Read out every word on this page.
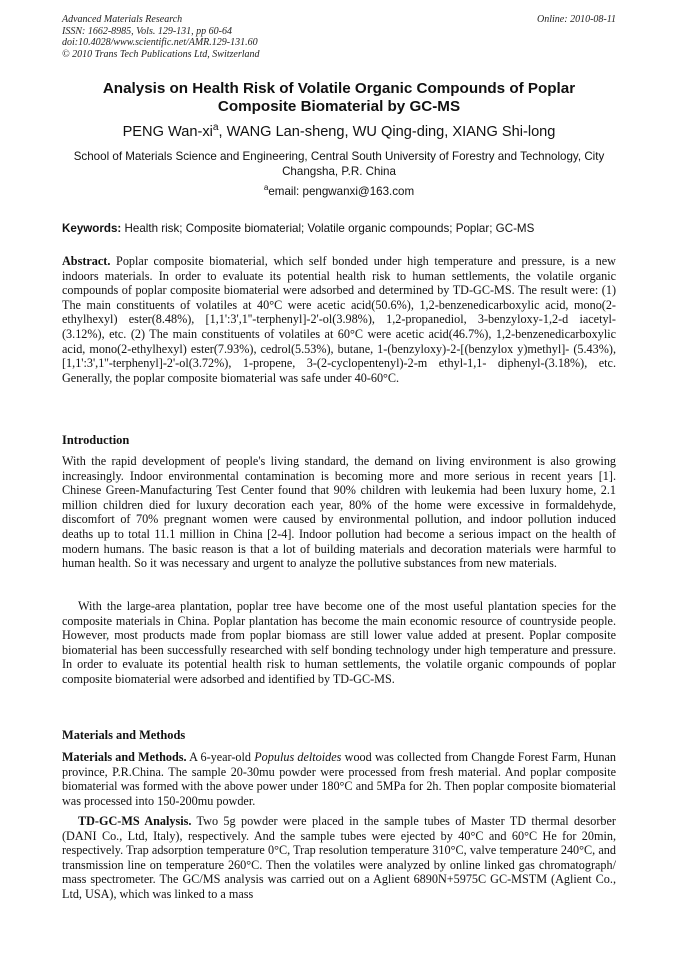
Advanced Materials Research
ISSN: 1662-8985, Vols. 129-131, pp 60-64
doi:10.4028/www.scientific.net/AMR.129-131.60
© 2010 Trans Tech Publications Ltd, Switzerland
Online: 2010-08-11
Analysis on Health Risk of Volatile Organic Compounds of Poplar Composite Biomaterial by GC-MS
PENG Wan-$xi^a$, WANG Lan-sheng, WU Qing-ding, XIANG Shi-long
School of Materials Science and Engineering, Central South University of Forestry and Technology, City Changsha, P.R. China
$^a$email: pengwanxi@163.com
Keywords: Health risk; Composite biomaterial; Volatile organic compounds; Poplar; GC-MS
Abstract. Poplar composite biomaterial, which self bonded under high temperature and pressure, is a new indoors materials. In order to evaluate its potential health risk to human settlements, the volatile organic compounds of poplar composite biomaterial were adsorbed and determined by TD-GC-MS. The result were: (1) The main constituents of volatiles at 40°C were acetic acid(50.6%), 1,2-benzenedicarboxylic acid, mono(2-ethylhexyl) ester(8.48%), [1,1':3',1''-terphenyl]-2'-ol(3.98%), 1,2-propanediol, 3-benzyloxy-1,2-d iacetyl-(3.12%), etc. (2) The main constituents of volatiles at 60°C were acetic acid(46.7%), 1,2-benzenedicarboxylic acid, mono(2-ethylhexyl) ester(7.93%), cedrol(5.53%), butane, 1-(benzyloxy)-2-[(benzylox y)methyl]- (5.43%), [1,1':3',1''-terphenyl]-2'-ol(3.72%), 1-propene, 3-(2-cyclopentenyl)-2-m ethyl-1,1- diphenyl-(3.18%), etc. Generally, the poplar composite biomaterial was safe under 40-60°C.
Introduction
With the rapid development of people's living standard, the demand on living environment is also growing increasingly. Indoor environmental contamination is becoming more and more serious in recent years [1]. Chinese Green-Manufacturing Test Center found that 90% children with leukemia had been luxury home, 2.1 million children died for luxury decoration each year, 80% of the home were excessive in formaldehyde, discomfort of 70% pregnant women were caused by environmental pollution, and indoor pollution induced deaths up to total 11.1 million in China [2-4]. Indoor pollution had become a serious impact on the health of modern humans. The basic reason is that a lot of building materials and decoration materials were harmful to human health. So it was necessary and urgent to analyze the pollutive substances from new materials.
With the large-area plantation, poplar tree have become one of the most useful plantation species for the composite materials in China. Poplar plantation has become the main economic resource of countryside people. However, most products made from poplar biomass are still lower value added at present. Poplar composite biomaterial has been successfully researched with self bonding technology under high temperature and pressure. In order to evaluate its potential health risk to human settlements, the volatile organic compounds of poplar composite biomaterial were adsorbed and identified by TD-GC-MS.
Materials and Methods
Materials and Methods. A 6-year-old Populus deltoides wood was collected from Changde Forest Farm, Hunan province, P.R.China. The sample 20-30mu powder were processed from fresh material. And poplar composite biomaterial was formed with the above power under 180°C and 5MPa for 2h. Then poplar composite biomaterial was processed into 150-200mu powder.
TD-GC-MS Analysis. Two 5g powder were placed in the sample tubes of Master TD thermal desorber (DANI Co., Ltd, Italy), respectively. And the sample tubes were ejected by 40°C and 60°C He for 20min, respectively. Trap adsorption temperature 0°C, Trap resolution temperature 310°C, valve temperature 240°C, and transmission line on temperature 260°C. Then the volatiles were analyzed by online linked gas chromatograph/ mass spectrometer. The GC/MS analysis was carried out on a Aglient 6890N+5975C GC-MSTM (Aglient Co., Ltd, USA), which was linked to a mass
